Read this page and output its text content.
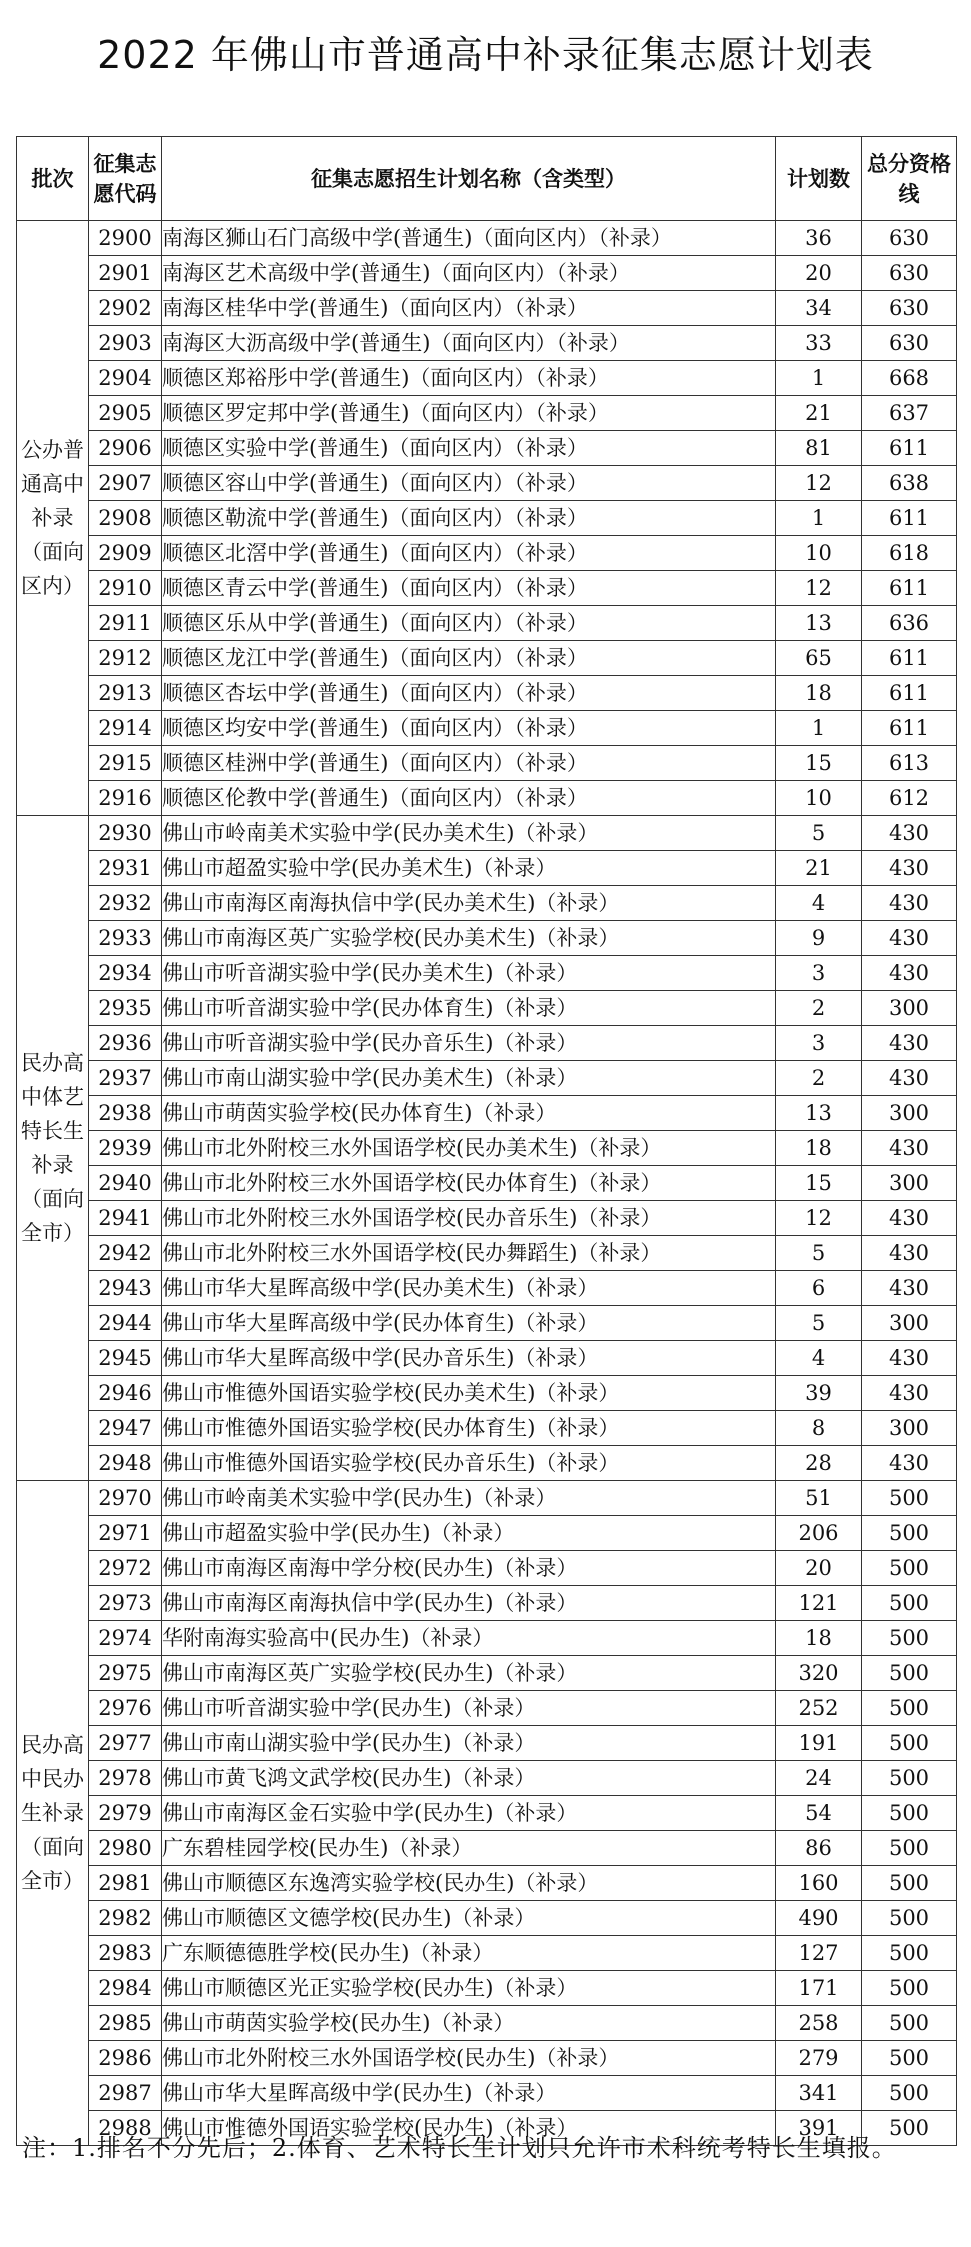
2022 年佛山市普通高中补录征集志愿计划表
批次	征集志愿代码	征集志愿招生计划名称（含类型）	计划数	总分资格线
公办普通高中补录（面向区内）	2900	南海区狮山石门高级中学(普通生)（面向区内）（补录）	36	630
	2901	南海区艺术高级中学(普通生)（面向区内）（补录）	20	630
	2902	南海区桂华中学(普通生)（面向区内）（补录）	34	630
	2903	南海区大沥高级中学(普通生)（面向区内）（补录）	33	630
	2904	顺德区郑裕彤中学(普通生)（面向区内）（补录）	1	668
	2905	顺德区罗定邦中学(普通生)（面向区内）（补录）	21	637
	2906	顺德区实验中学(普通生)（面向区内）（补录）	81	611
	2907	顺德区容山中学(普通生)（面向区内）（补录）	12	638
	2908	顺德区勒流中学(普通生)（面向区内）（补录）	1	611
	2909	顺德区北滘中学(普通生)（面向区内）（补录）	10	618
	2910	顺德区青云中学(普通生)（面向区内）（补录）	12	611
	2911	顺德区乐从中学(普通生)（面向区内）（补录）	13	636
	2912	顺德区龙江中学(普通生)（面向区内）（补录）	65	611
	2913	顺德区杏坛中学(普通生)（面向区内）（补录）	18	611
	2914	顺德区均安中学(普通生)（面向区内）（补录）	1	611
	2915	顺德区桂洲中学(普通生)（面向区内）（补录）	15	613
	2916	顺德区伦教中学(普通生)（面向区内）（补录）	10	612
民办高中体艺特长生补录（面向全市）	2930	佛山市岭南美术实验中学(民办美术生)（补录）	5	430
	2931	佛山市超盈实验中学(民办美术生)（补录）	21	430
	2932	佛山市南海区南海执信中学(民办美术生)（补录）	4	430
	2933	佛山市南海区英广实验学校(民办美术生)（补录）	9	430
	2934	佛山市听音湖实验中学(民办美术生)（补录）	3	430
	2935	佛山市听音湖实验中学(民办体育生)（补录）	2	300
	2936	佛山市听音湖实验中学(民办音乐生)（补录）	3	430
	2937	佛山市南山湖实验中学(民办美术生)（补录）	2	430
	2938	佛山市萌茵实验学校(民办体育生)（补录）	13	300
	2939	佛山市北外附校三水外国语学校(民办美术生)（补录）	18	430
	2940	佛山市北外附校三水外国语学校(民办体育生)（补录）	15	300
	2941	佛山市北外附校三水外国语学校(民办音乐生)（补录）	12	430
	2942	佛山市北外附校三水外国语学校(民办舞蹈生)（补录）	5	430
	2943	佛山市华大星晖高级中学(民办美术生)（补录）	6	430
	2944	佛山市华大星晖高级中学(民办体育生)（补录）	5	300
	2945	佛山市华大星晖高级中学(民办音乐生)（补录）	4	430
	2946	佛山市惟德外国语实验学校(民办美术生)（补录）	39	430
	2947	佛山市惟德外国语实验学校(民办体育生)（补录）	8	300
	2948	佛山市惟德外国语实验学校(民办音乐生)（补录）	28	430
民办高中民办生补录（面向全市）	2970	佛山市岭南美术实验中学(民办生)（补录）	51	500
	2971	佛山市超盈实验中学(民办生)（补录）	206	500
	2972	佛山市南海区南海中学分校(民办生)（补录）	20	500
	2973	佛山市南海区南海执信中学(民办生)（补录）	121	500
	2974	华附南海实验高中(民办生)（补录）	18	500
	2975	佛山市南海区英广实验学校(民办生)（补录）	320	500
	2976	佛山市听音湖实验中学(民办生)（补录）	252	500
	2977	佛山市南山湖实验中学(民办生)（补录）	191	500
	2978	佛山市黄飞鸿文武学校(民办生)（补录）	24	500
	2979	佛山市南海区金石实验中学(民办生)（补录）	54	500
	2980	广东碧桂园学校(民办生)（补录）	86	500
	2981	佛山市顺德区东逸湾实验学校(民办生)（补录）	160	500
	2982	佛山市顺德区文德学校(民办生)（补录）	490	500
	2983	广东顺德德胜学校(民办生)（补录）	127	500
	2984	佛山市顺德区光正实验学校(民办生)（补录）	171	500
	2985	佛山市萌茵实验学校(民办生)（补录）	258	500
	2986	佛山市北外附校三水外国语学校(民办生)（补录）	279	500
	2987	佛山市华大星晖高级中学(民办生)（补录）	341	500
	2988	佛山市惟德外国语实验学校(民办生)（补录）	391	500
注：1.排名不分先后；2.体育、艺术特长生计划只允许市术科统考特长生填报。
